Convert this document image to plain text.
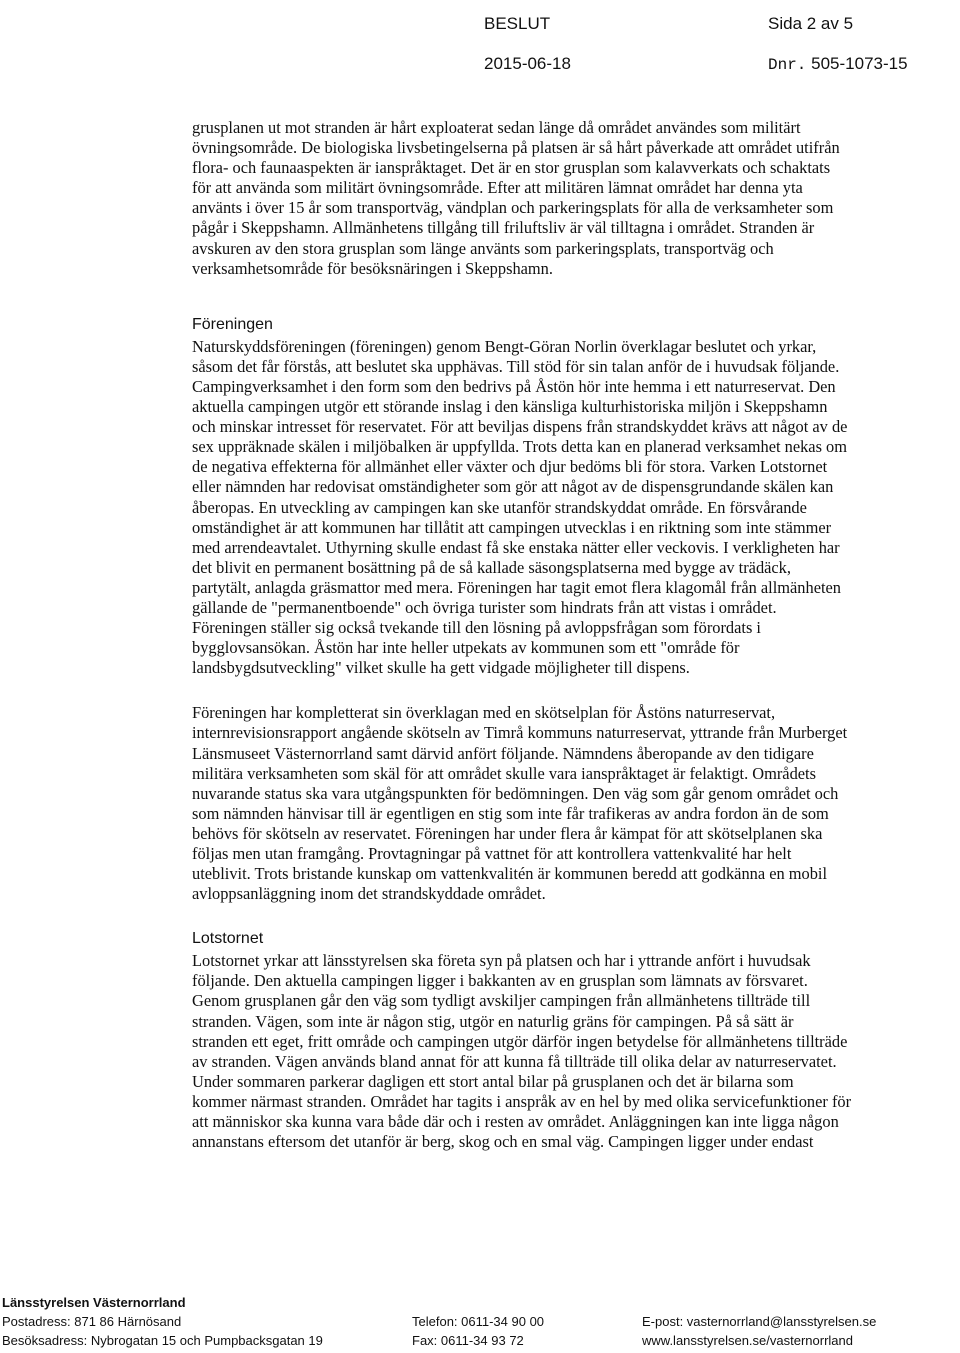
BESLUT
2015-06-18
Sida 2 av 5
Dnr. 505-1073-15

grusplanen ut mot stranden är hårt exploaterat sedan länge då området användes som militärt övningsområde. De biologiska livsbetingelserna på platsen är så hårt påverkade att området utifrån flora- och faunaaspekten är ianspråktaget. Det är en stor grusplan som kalavverkats och schaktats för att använda som militärt övningsområde. Efter att militären lämnat området har denna yta använts i över 15 år som transportväg, vändplan och parkeringsplats för alla de verksamheter som pågår i Skeppshamn. Allmänhetens tillgång till friluftsliv är väl tilltagna i området. Stranden är avskuren av den stora grusplan som länge använts som parkeringsplats, transportväg och verksamhetsområde för besöksnäringen i Skeppshamn.

Föreningen

Naturskyddsföreningen (föreningen) genom Bengt-Göran Norlin överklagar beslutet och yrkar, såsom det får förstås, att beslutet ska upphävas. Till stöd för sin talan anför de i huvudsak följande. Campingverksamhet i den form som den bedrivs på Åstön hör inte hemma i ett naturreservat. Den aktuella campingen utgör ett störande inslag i den känsliga kulturhistoriska miljön i Skeppshamn och minskar intresset för reservatet. För att beviljas dispens från strandskyddet krävs att något av de sex uppräknade skälen i miljöbalken är uppfyllda. Trots detta kan en planerad verksamhet nekas om de negativa effekterna för allmänhet eller växter och djur bedöms bli för stora. Varken Lotstornet eller nämnden har redovisat omständigheter som gör att något av de dispensgrundande skälen kan åberopas. En utveckling av campingen kan ske utanför strandskyddat område. En försvårande omständighet är att kommunen har tillåtit att campingen utvecklas i en riktning som inte stämmer med arrendeavtalet. Uthyrning skulle endast få ske enstaka nätter eller veckovis. I verkligheten har det blivit en permanent bosättning på de så kallade säsongsplatserna med bygge av trädäck, partytält, anlagda gräsmattor med mera. Föreningen har tagit emot flera klagomål från allmänheten gällande de "permanentboende" och övriga turister som hindrats från att vistas i området. Föreningen ställer sig också tvekande till den lösning på avloppsfrågan som förordats i bygglovsansökan. Åstön har inte heller utpekats av kommunen som ett "område för landsbygdsutveckling" vilket skulle ha gett vidgade möjligheter till dispens.

Föreningen har kompletterat sin överklagan med en skötselplan för Åstöns naturreservat, internrevisionsrapport angående skötseln av Timrå kommuns naturreservat, yttrande från Murberget Länsmuseet Västernorrland samt därvid anfört följande. Nämndens åberopande av den tidigare militära verksamheten som skäl för att området skulle vara ianspråktaget är felaktigt. Områdets nuvarande status ska vara utgångspunkten för bedömningen. Den väg som går genom området och som nämnden hänvisar till är egentligen en stig som inte får trafikeras av andra fordon än de som behövs för skötseln av reservatet. Föreningen har under flera år kämpat för att skötselplanen ska följas men utan framgång. Provtagningar på vattnet för att kontrollera vattenkvalité har helt uteblivit. Trots bristande kunskap om vattenkvalitén är kommunen beredd att godkänna en mobil avloppsanläggning inom det strandskyddade området.

Lotstornet

Lotstornet yrkar att länsstyrelsen ska företa syn på platsen och har i yttrande anfört i huvudsak följande. Den aktuella campingen ligger i bakkanten av en grusplan som lämnats av försvaret. Genom grusplanen går den väg som tydligt avskiljer campingen från allmänhetens tillträde till stranden. Vägen, som inte är någon stig, utgör en naturlig gräns för campingen. På så sätt är stranden ett eget, fritt område och campingen utgör därför ingen betydelse för allmänhetens tillträde av stranden. Vägen används bland annat för att kunna få tillträde till olika delar av naturreservatet. Under sommaren parkerar dagligen ett stort antal bilar på grusplanen och det är bilarna som kommer närmast stranden. Området har tagits i anspråk av en hel by med olika servicefunktioner för att människor ska kunna vara både där och i resten av området. Anläggningen kan inte ligga någon annanstans eftersom det utanför är berg, skog och en smal väg. Campingen ligger under endast

Länsstyrelsen Västernorrland
Postadress: 871 86 Härnösand
Besöksadress: Nybrogatan 15 och Pumpbacksgatan 19
Telefon: 0611-34 90 00
Fax: 0611-34 93 72
E-post: vasternorrland@lansstyrelsen.se
www.lansstyrelsen.se/vasternorrland
